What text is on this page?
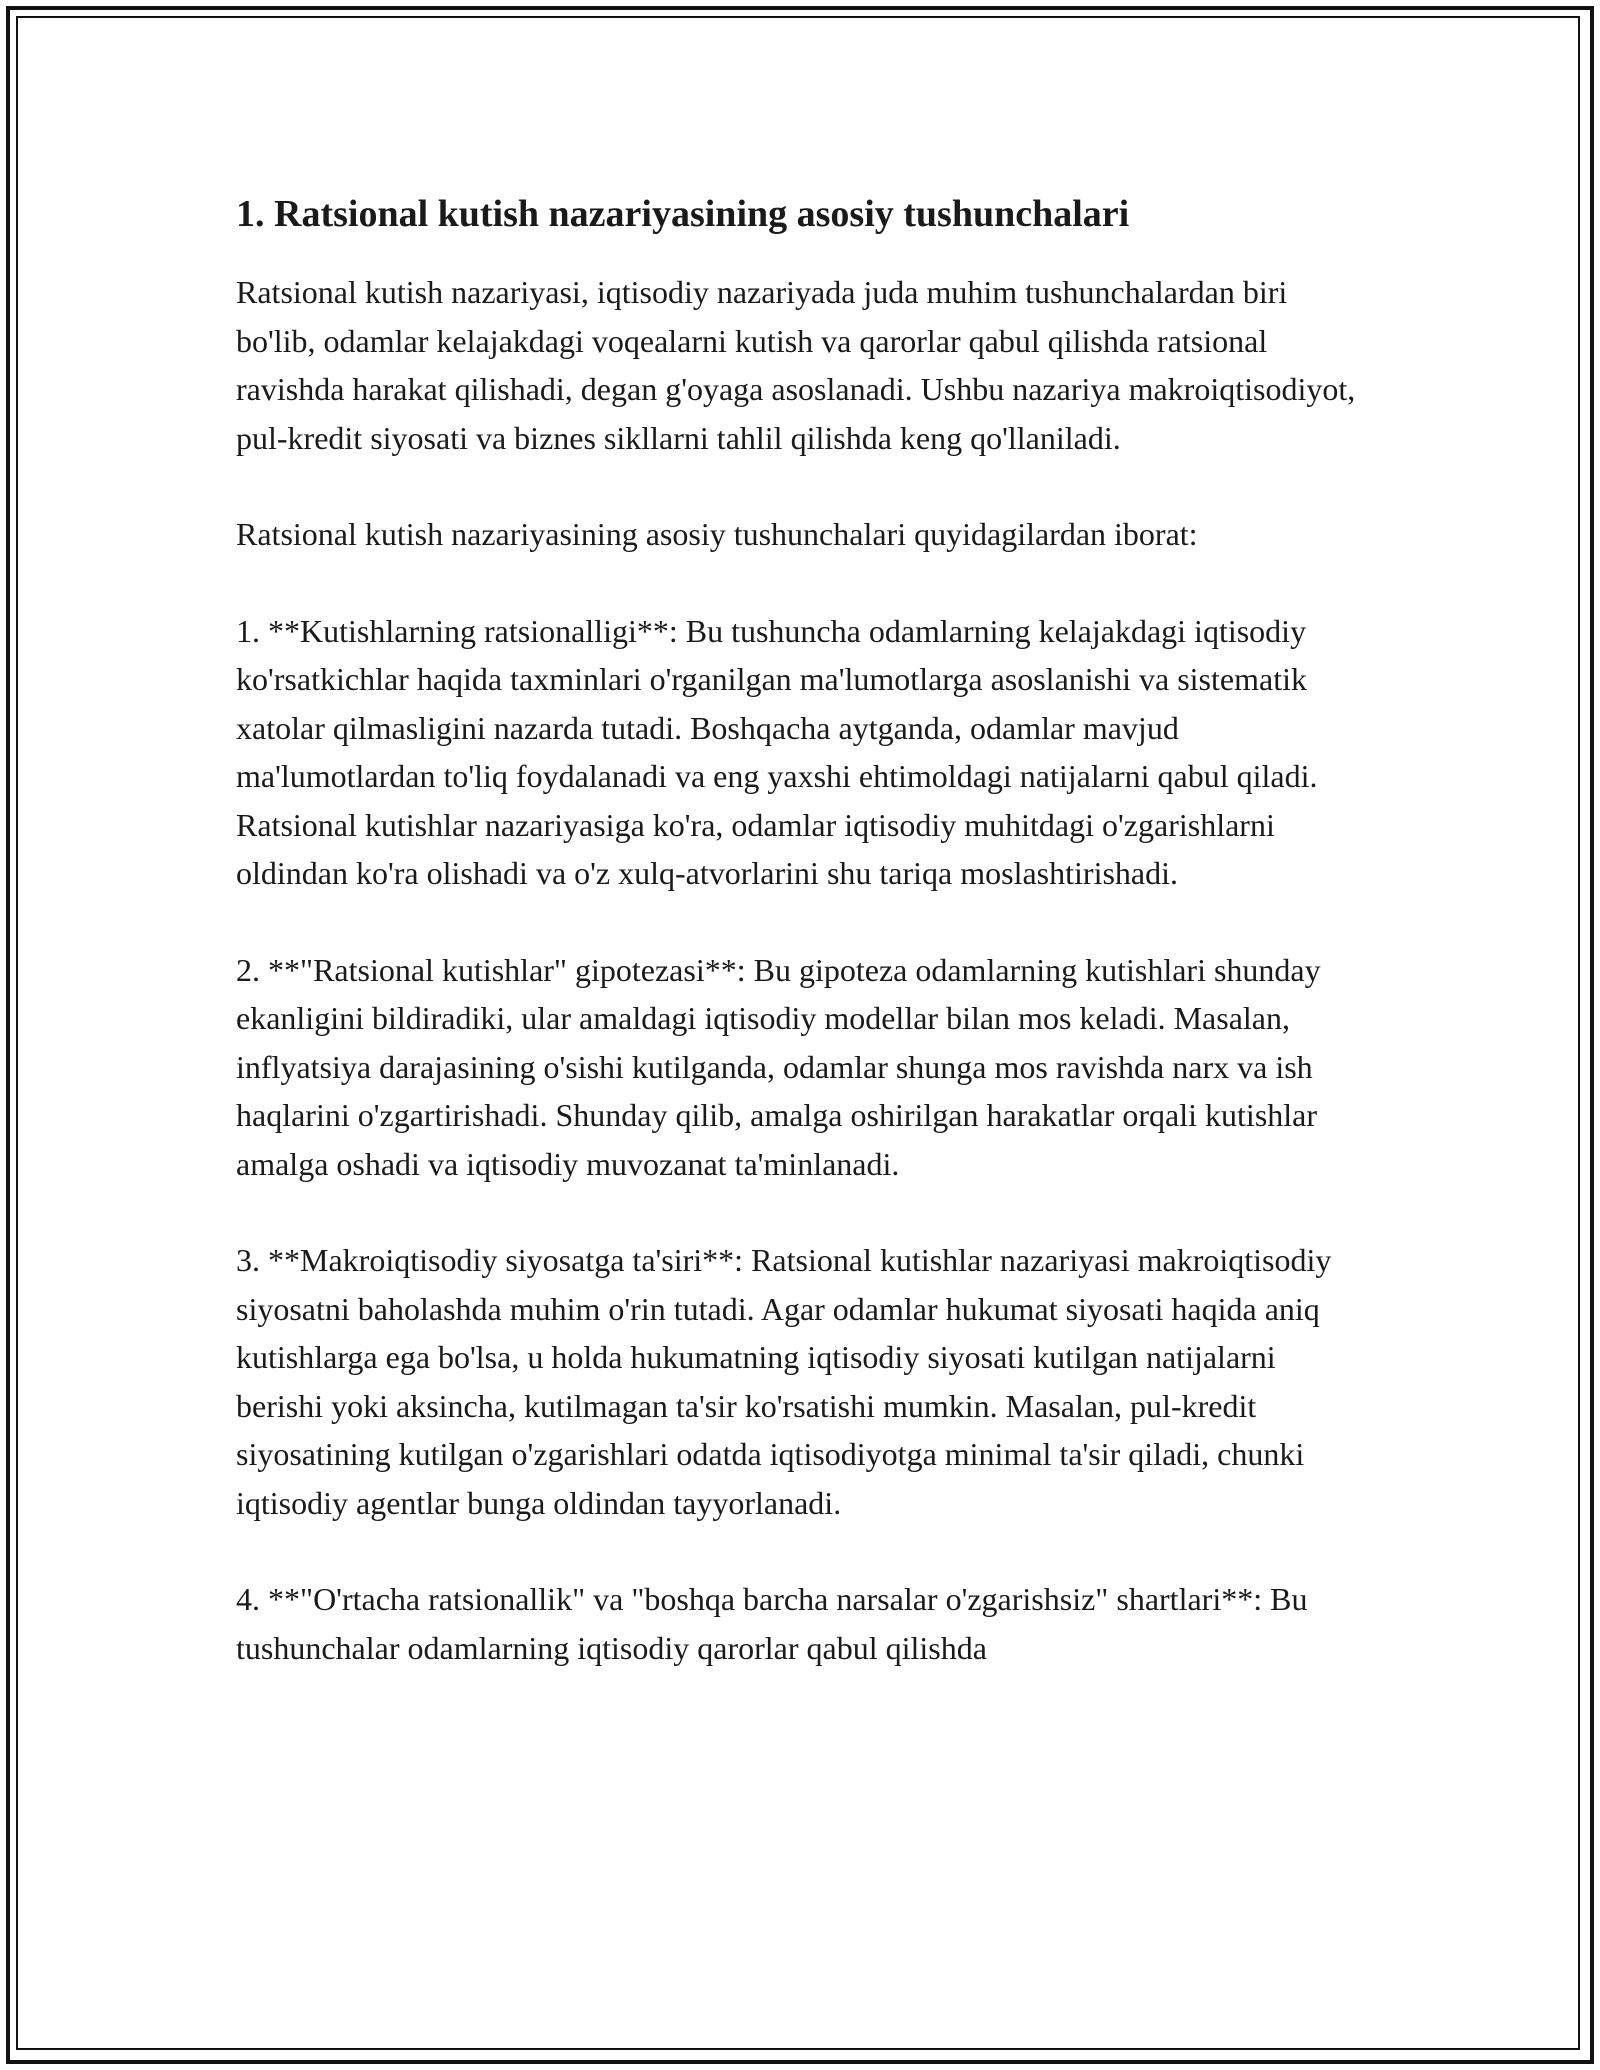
1. Ratsional kutish nazariyasining asosiy tushunchalari

Ratsional kutish nazariyasi, iqtisodiy nazariyada juda muhim tushunchalardan biri bo'lib, odamlar kelajakdagi voqealarni kutish va qarorlar qabul qilishda ratsional ravishda harakat qilishadi, degan g'oyaga asoslanadi. Ushbu nazariya makroiqtisodiyot, pul-kredit siyosati va biznes sikllarni tahlil qilishda keng qo'llaniladi.

Ratsional kutish nazariyasining asosiy tushunchalari quyidagilardan iborat:

1. **Kutishlarning ratsionalligi**: Bu tushuncha odamlarning kelajakdagi iqtisodiy ko'rsatkichlar haqida taxminlari o'rganilgan ma'lumotlarga asoslanishi va sistematik xatolar qilmasligini nazarda tutadi. Boshqacha aytganda, odamlar mavjud ma'lumotlardan to'liq foydalanadi va eng yaxshi ehtimoldagi natijalarni qabul qiladi. Ratsional kutishlar nazariyasiga ko'ra, odamlar iqtisodiy muhitdagi o'zgarishlarni oldindan ko'ra olishadi va o'z xulq-atvorlarini shu tariqa moslashtirishadi.

2. **"Ratsional kutishlar" gipotezasi**: Bu gipoteza odamlarning kutishlari shunday ekanligini bildiradiki, ular amaldagi iqtisodiy modellar bilan mos keladi. Masalan, inflyatsiya darajasining o'sishi kutilganda, odamlar shunga mos ravishda narx va ish haqlarini o'zgartirishadi. Shunday qilib, amalga oshirilgan harakatlar orqali kutishlar amalga oshadi va iqtisodiy muvozanat ta'minlanadi.

3. **Makroiqtisodiy siyosatga ta'siri**: Ratsional kutishlar nazariyasi makroiqtisodiy siyosatni baholashda muhim o'rin tutadi. Agar odamlar hukumat siyosati haqida aniq kutishlarga ega bo'lsa, u holda hukumatning iqtisodiy siyosati kutilgan natijalarni berishi yoki aksincha, kutilmagan ta'sir ko'rsatishi mumkin. Masalan, pul-kredit siyosatining kutilgan o'zgarishlari odatda iqtisodiyotga minimal ta'sir qiladi, chunki iqtisodiy agentlar bunga oldindan tayyorlanadi.

4. **"O'rtacha ratsionallik" va "boshqa barcha narsalar o'zgarishsiz" shartlari**: Bu tushunchalar odamlarning iqtisodiy qarorlar qabul qilishda
